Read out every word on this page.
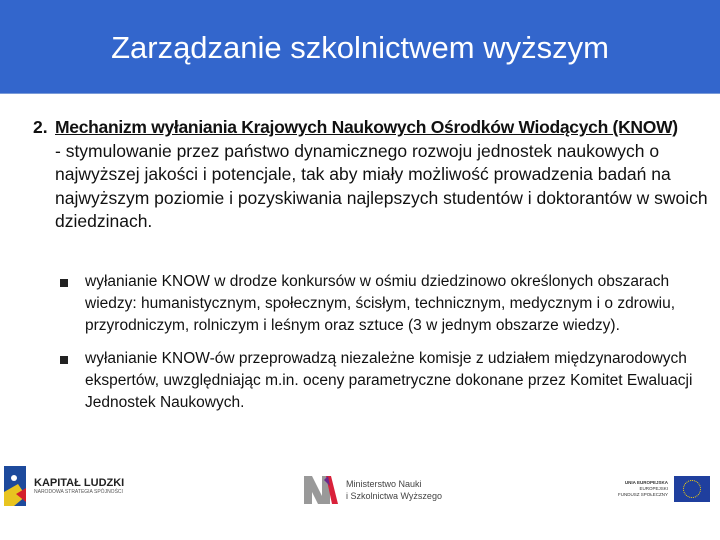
Zarządzanie szkolnictwem wyższym
2. Mechanizm wyłaniania Krajowych Naukowych Ośrodków Wiodących (KNOW)
- stymulowanie przez państwo dynamicznego rozwoju jednostek naukowych o najwyższej jakości i potencjale, tak aby miały możliwość prowadzenia badań na najwyższym poziomie i pozyskiwania najlepszych studentów i doktorantów w swoich dziedzinach.
wyłanianie KNOW w drodze konkursów w ośmiu dziedzinowo określonych obszarach wiedzy: humanistycznym, społecznym, ścisłym, technicznym, medycznym i o zdrowiu, przyrodniczym, rolniczym i leśnym oraz sztuce (3 w jednym obszarze wiedzy).
wyłanianie KNOW-ów przeprowadzą niezależne komisje z udziałem międzynarodowych ekspertów, uwzględniając m.in. oceny parametryczne dokonane przez Komitet Ewaluacji Jednostek Naukowych.
KAPITAŁ LUDZKI
NARODOWA STRATEGIA SPÓJNOŚCI
Ministerstwo Nauki
i Szkolnictwa Wyższego
UNIA EUROPEJSKA
EUROPEJSKI
FUNDUSZ SPOŁECZNY
